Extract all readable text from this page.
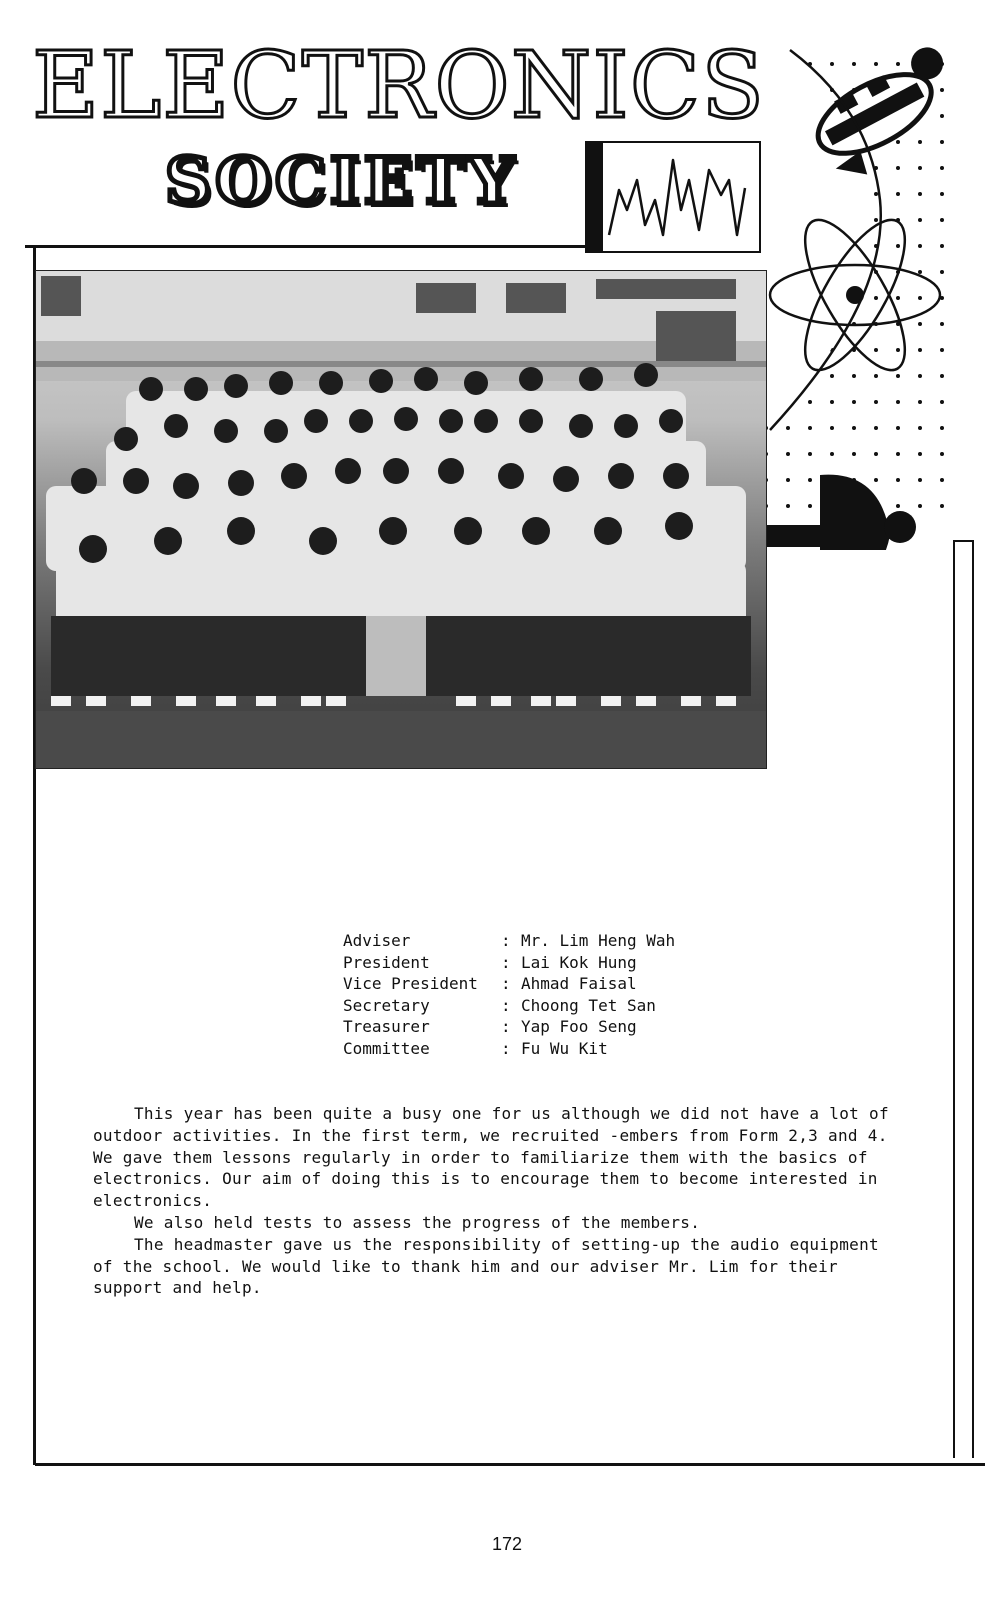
ELECTRONICS
SOCIETY
Adviser	: Mr. Lim Heng Wah
President	: Lai Kok Hung
Vice President	: Ahmad Faisal
Secretary	: Choong Tet San
Treasurer	: Yap Foo Seng
Committee	: Fu Wu Kit

This year has been quite a busy one for us although we did not have a lot of outdoor activities. In the first term, we recruited -embers from Form 2,3 and 4. We gave them lessons regularly in order to familiarize them with the basics of electronics. Our aim of doing this is to encourage them to become interested in electronics.

We also held tests to assess the progress of the members.

The headmaster gave us the responsibility of setting-up the audio equipment of the school. We would like to thank him and our adviser Mr. Lim for their support and help.

172
